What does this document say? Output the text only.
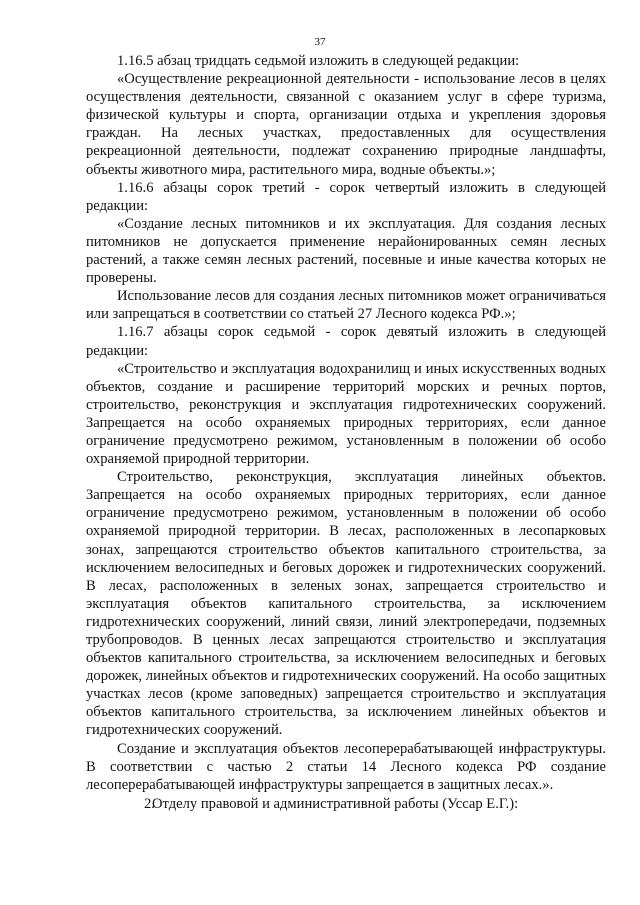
37

1.16.5 абзац тридцать седьмой изложить в следующей редакции:

«Осуществление рекреационной деятельности - использование лесов в целях осуществления деятельности, связанной с оказанием услуг в сфере туризма, физической культуры и спорта, организации отдыха и укрепления здоровья граждан. На лесных участках, предоставленных для осуществления рекреационной деятельности, подлежат сохранению природные ландшафты, объекты животного мира, растительного мира, водные объекты.»;

1.16.6 абзацы сорок третий - сорок четвертый изложить в следующей редакции:

«Создание лесных питомников и их эксплуатация. Для создания лесных питомников не допускается применение нерайонированных семян лесных растений, а также семян лесных растений, посевные и иные качества которых не проверены.

Использование лесов для создания лесных питомников может ограничиваться или запрещаться в соответствии со статьей 27 Лесного кодекса РФ.»;

1.16.7 абзацы сорок седьмой - сорок девятый изложить в следующей редакции:

«Строительство и эксплуатация водохранилищ и иных искусственных водных объектов, создание и расширение территорий морских и речных портов, строительство, реконструкция и эксплуатация гидротехнических сооружений. Запрещается на особо охраняемых природных территориях, если данное ограничение предусмотрено режимом, установленным в положении об особо охраняемой природной территории.

Строительство, реконструкция, эксплуатация линейных объектов. Запрещается на особо охраняемых природных территориях, если данное ограничение предусмотрено режимом, установленным в положении об особо охраняемой природной территории. В лесах, расположенных в лесопарковых зонах, запрещаются строительство объектов капитального строительства, за исключением велосипедных и беговых дорожек и гидротехнических сооружений. В лесах, расположенных в зеленых зонах, запрещается строительство и эксплуатация объектов капитального строительства, за исключением гидротехнических сооружений, линий связи, линий электропередачи, подземных трубопроводов. В ценных лесах запрещаются строительство и эксплуатация объектов капитального строительства, за исключением велосипедных и беговых дорожек, линейных объектов и гидротехнических сооружений. На особо защитных участках лесов (кроме заповедных) запрещается строительство и эксплуатация объектов капитального строительства, за исключением линейных объектов и гидротехнических сооружений.

Создание и эксплуатация объектов лесоперерабатывающей инфраструктуры. В соответствии с частью 2 статьи 14 Лесного кодекса РФ создание лесоперерабатывающей инфраструктуры запрещается в защитных лесах.».

2.Отделу правовой и административной работы (Уссар Е.Г.):
